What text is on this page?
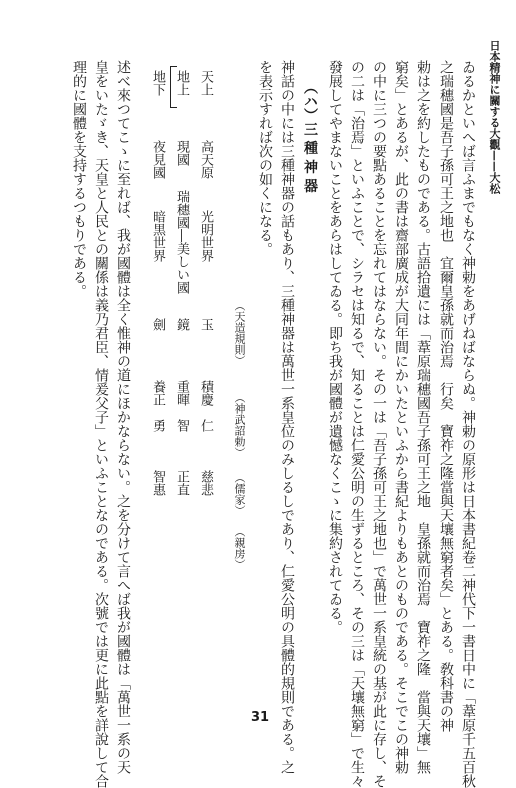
日本精神に關する大觀——大松
ゐるかといへば言ふまでもなく神勅をあげねばならぬ。神勅の原形は日本書紀卷二神代下一書日中に「葦原千五百秋
之瑞穗國是吾子孫可王之地也　宜爾皇孫就而治焉　行矣　寶祚之隆當與天壤無窮者矣」とある。敎科書の神
勅は之を約したものである。古語拾遺には「葦原瑞穗國吾子孫可王之地　皇孫就而治焉　寶祚之隆　當與天壤」無
窮矣」とあるが、此の書は齋部廣成が大同年間にかいたといふから書紀よりもあとのものである。そこでこの神勅
の中に三つの要點あることを忘れてはならない。その一は「吾子孫可王之地也」で萬世一系皇統の基が此に存し、そ
の二は「治焉」といふことで、シラセは知るで、知ることは仁愛公明の生ずるところ、その三は「天壤無窮」で生々
發展してやまないことをあらはしてゐる。即ち我が國體が遺憾なくこゝに集約されてゐる。
（ハ）三 種 神 器
神話の中には三種神器の話もあり、三種神器は萬世一系皇位のみしるしであり、仁愛公明の具體的規則である。之
を表示すれば次の如くになる。
（天造規則）
（神武詔勅）
（儒家）
（親房）
天上
高天原
光明世界
玉
積慶　仁
慈悲
地上
現國
瑞穗國―美しい國
鏡
重暉　智
正直
地下
夜見國
暗黒世界
劍
養正　勇
智惠
述べ來つてこゝに至れば、我が國體は全く惟神の道にほかならない。之を分けて言へば我が國體は「萬世一系の天
皇をいたゞき、天皇と人民との關係は義乃君臣、情爰父子」といふことなのである。次號では更に此點を詳說して合
理的に國體を支持するつもりである。
31
